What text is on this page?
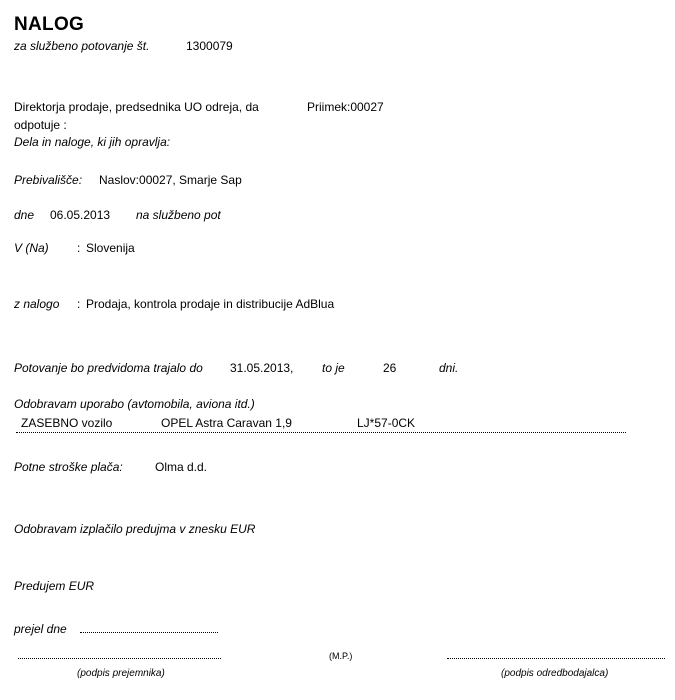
NALOG
za službeno potovanje št.	1300079
Direktorja prodaje, predsednika UO odreja, da	Priimek:00027
odpotuje :
Dela in naloge, ki jih opravlja:
Prebivališče: Naslov:00027, Smarje Sap
dne 06.05.2013 na službeno pot
V (Na) : Slovenija
z nalogo : Prodaja, kontrola prodaje in distribucije AdBlua
Potovanje bo predvidoma trajalo do 31.05.2013, to je	26	dni.
Odobravam uporabo (avtomobila, aviona itd.)
ZASEBNO vozilo	OPEL Astra Caravan 1,9	LJ*57-0CK
Potne stroške plača:	Olma d.d.
Odobravam izplačilo predujma v znesku EUR
Predujem EUR
prejel dne
(M.P.)
(podpis prejemnika)	(podpis odredbodajalca)
